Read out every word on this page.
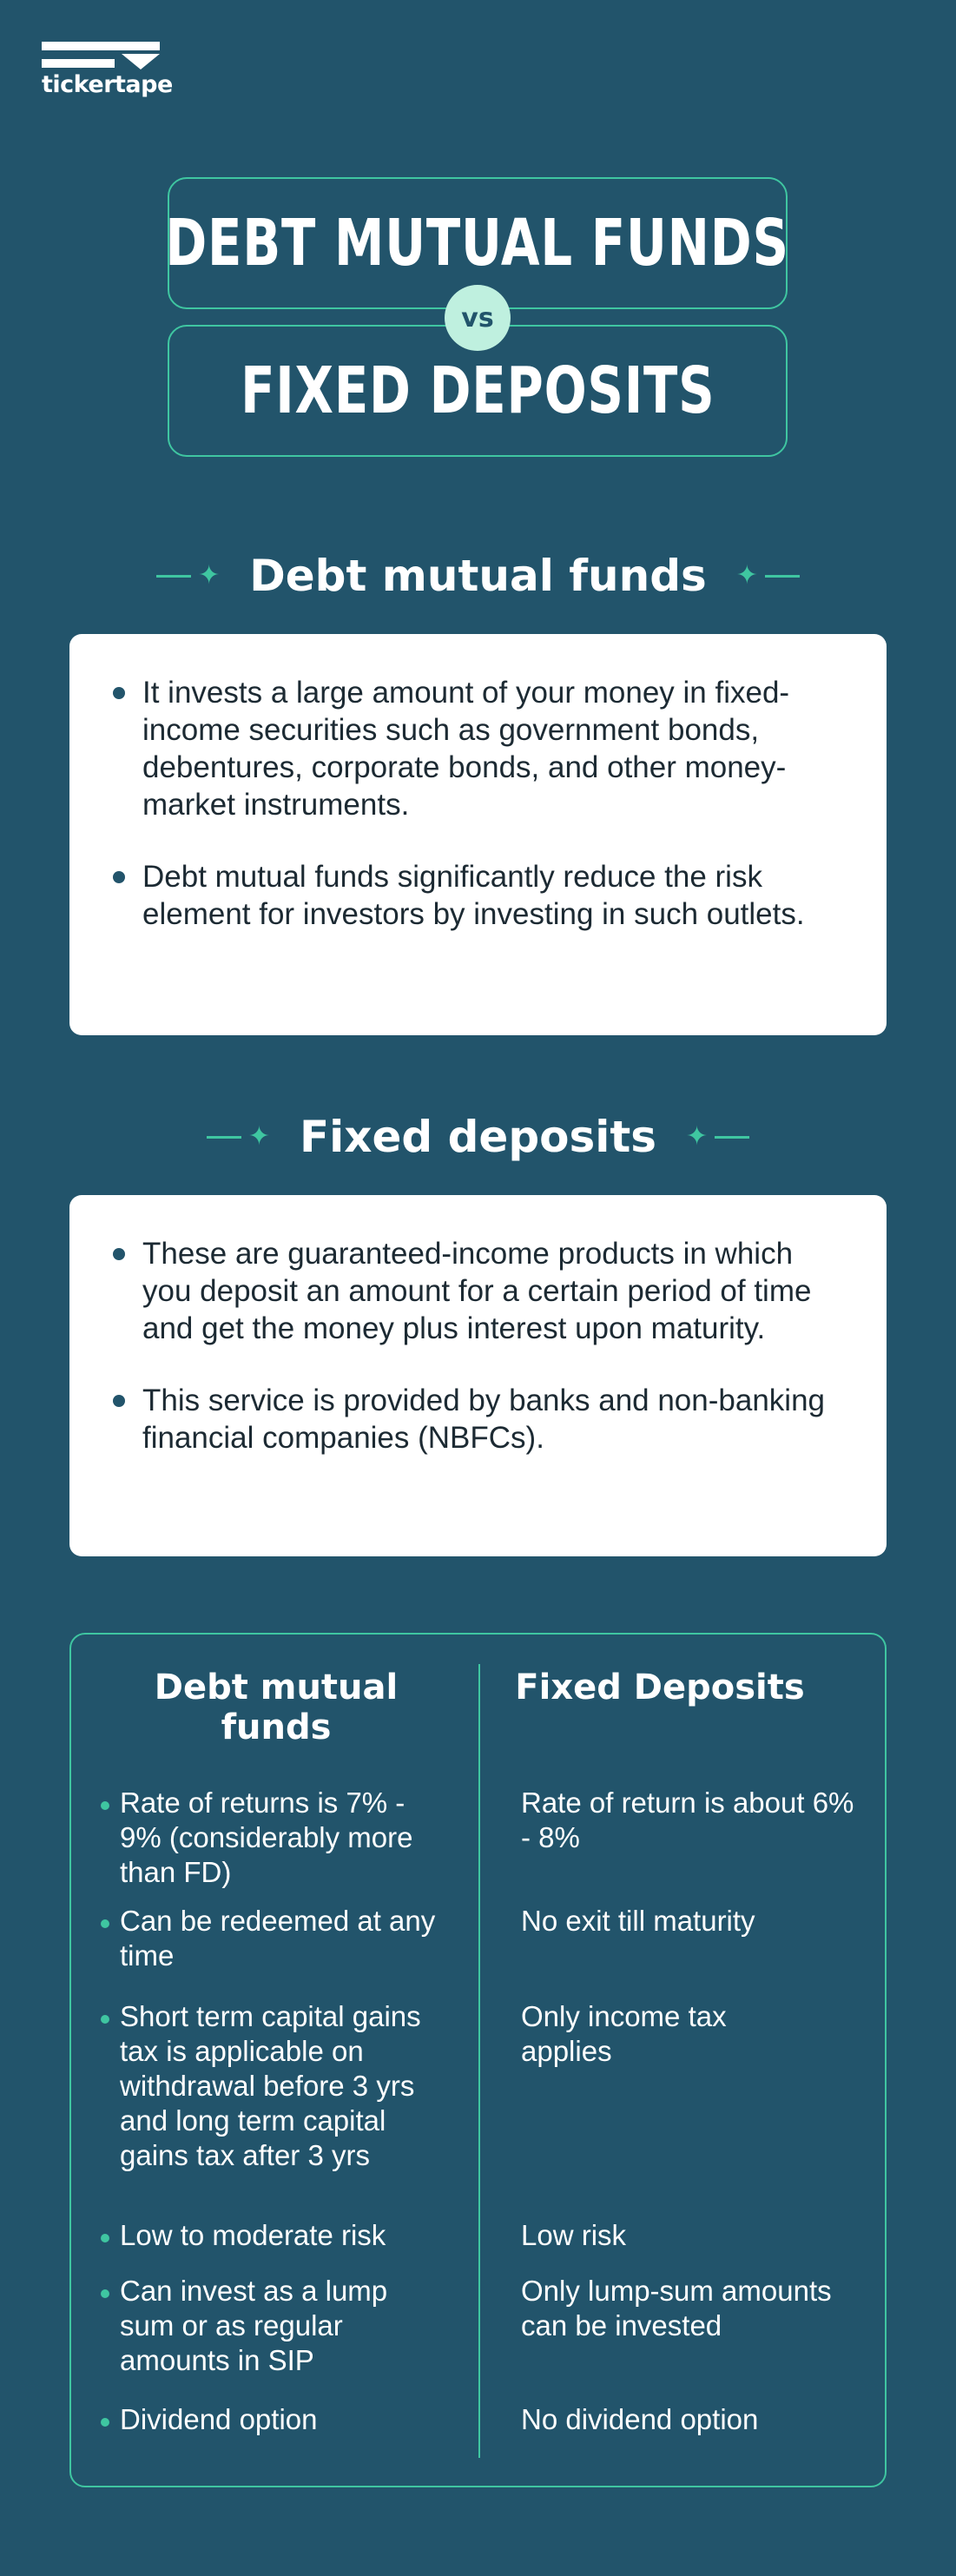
tickertape
DEBT MUTUAL FUNDS
FIXED DEPOSITS
vs
✦ Debt mutual funds ✦
It invests a large amount of your money in fixed-income securities such as government bonds, debentures, corporate bonds, and other money-market instruments.
Debt mutual funds significantly reduce the risk element for investors by investing in such outlets.
✦ Fixed deposits ✦
These are guaranteed-income products in which you deposit an amount for a certain period of time and get the money plus interest upon maturity.
This service is provided by banks and non-banking financial companies (NBFCs).
Debt mutual funds
Fixed Deposits
Rate of returns is 7% - 9% (considerably more than FD)
Rate of return is about 6% - 8%
Can be redeemed at any time
No exit till maturity
Short term capital gains tax is applicable on withdrawal before 3 yrs and long term capital gains tax after 3 yrs
Only income tax applies
Low to moderate risk	Low risk
Can invest as a lump sum or as regular amounts in SIP
Only lump-sum amounts can be invested
Dividend option	No dividend option
